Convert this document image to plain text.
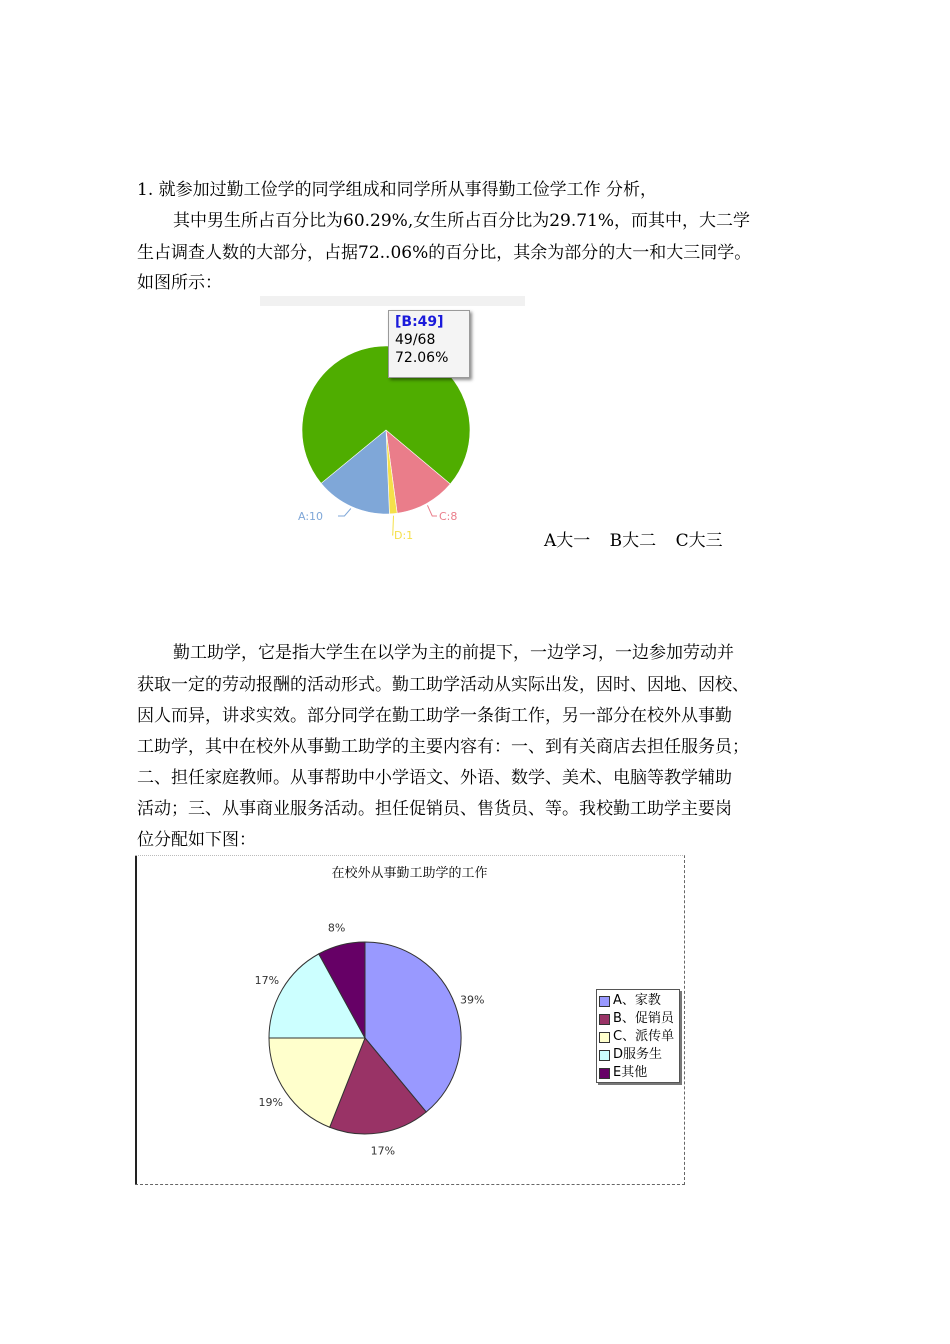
1. 就参加过勤工俭学的同学组成和同学所从事得勤工俭学工作 分析，
其中男生所占百分比为60.29%,女生所占百分比为29.71%，而其中，大二学
生占调查人数的大部分，占据72..06%的百分比，其余为部分的大一和大三同学。
如图所示：
A:10	C:8
D:1
[B:49]
49/68
72.06%
A大一 B大二 C大三
勤工助学，它是指大学生在以学为主的前提下，一边学习，一边参加劳动并
获取一定的劳动报酬的活动形式。勤工助学活动从实际出发，因时、因地、因校、
因人而异，讲求实效。部分同学在勤工助学一条街工作，另一部分在校外从事勤
工助学，其中在校外从事勤工助学的主要内容有：一、到有关商店去担任服务员；
二、担任家庭教师。从事帮助中小学语文、外语、数学、美术、电脑等教学辅助
活动；三、从事商业服务活动。担任促销员、售货员、等。我校勤工助学主要岗
位分配如下图：
在校外从事勤工助学的工作
39%
17%
19%
17%
8%
A、家教
B、促销员
C、派传单
D服务生
E其他
